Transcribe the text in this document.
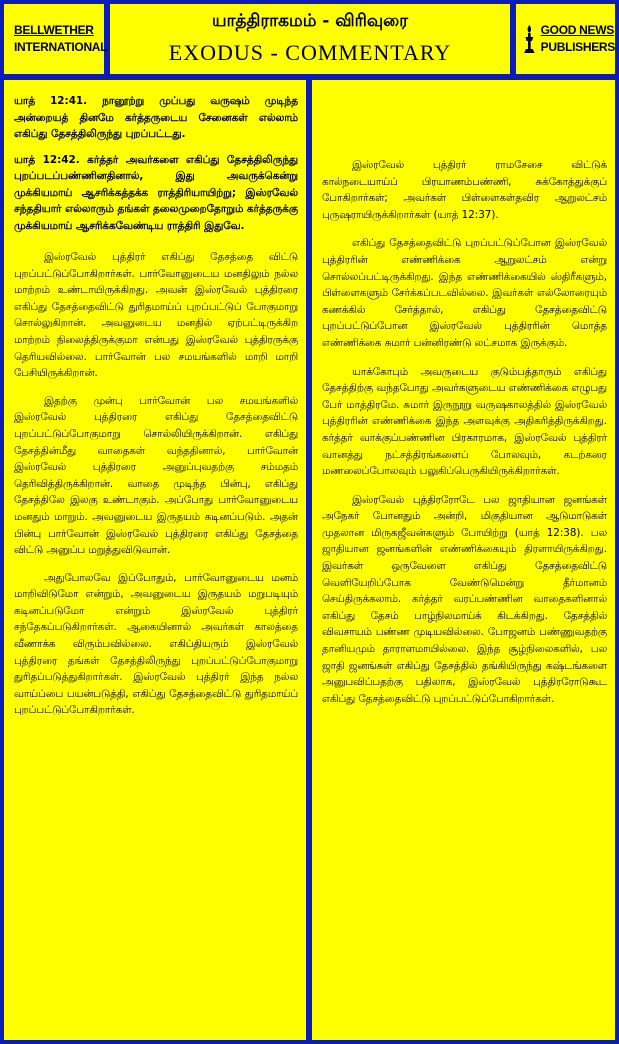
BELLWETHER
INTERNATIONAL
யாத்திராகமம் - விரிவுரை
EXODUS - COMMENTARY
GOOD NEWS
PUBLISHERS

யாத் 12:41. நானூற்று முப்பது வருஷம் முடிந்த அன்றையத் தினமே கர்த்தருடைய சேனைகள் எல்லாம் எகிப்து தேசத்திலிருந்து புறப்பட்டது.

யாத் 12:42. கர்த்தர் அவர்களை எகிப்து தேசத்திலிருந்து புறப்படப்பண்ணினதினால், இது அவருக்கென்று முக்கியமாய் ஆசரிக்கத்தக்க ராத்திரியாயிற்று; இஸ்ரவேல் சந்ததியார் எல்லாரும் தங்கள் தலைமுறைதோறும் கர்த்தருக்கு முக்கியமாய் ஆசரிக்கவேண்டிய ராத்திரி இதுவே.

இஸ்ரவேல் புத்திரர் எகிப்து தேசத்தை விட்டு புறப்பட்டுப்போகிறார்கள். பார்வோனுடைய மனதிலும் நல்ல மாற்றம் உண்டாயிருக்கிறது. அவன் இஸ்ரவேல் புத்திரரை எகிப்து தேசத்தைவிட்டு துரிதமாய்ப் புறப்பட்டுப் போகுமாறு சொல்லுகிறான். அவனுடைய மனதில் ஏற்பட்டிருக்கிற மாற்றம் நிலைத்திருக்குமா என்பது இஸ்ரவேல் புத்திரருக்கு தெரியவில்லை. பார்வோன் பல சமயங்களில் மாறி மாறி பேசியிருக்கிறான்.

இதற்கு முன்பு பார்வோன் பல சமயங்களில் இஸ்ரவேல் புத்திரரை எகிப்து தேசத்தைவிட்டு புறப்பட்டுப்போகுமாறு சொல்லியிருக்கிறான். எகிப்து தேசத்தின்மீது வாதைகள் வந்ததினால், பார்வோன் இஸ்ரவேல் புத்திரரை அனுப்புவதற்கு சம்மதம் தெரிவித்திருக்கிறான். வாதை முடிந்த பின்பு, எகிப்து தேசத்திலே இலகு உண்டாகும். அப்போது பார்வோனுடைய மனதும் மாறும். அவனுடைய இருதயம் கடினப்படும். அதன் பின்பு பார்வோன் இஸ்ரவேல் புத்திரரை எகிப்து தேசத்தை விட்டு அனுப்ப மறுத்துவிடுவான்.

அதுபோலவே இப்போதும், பார்வோனுடைய மனம் மாறிவிடுமோ என்றும், அவனுடைய இருதயம் மறுபடியும் கடினப்படுமோ என்றும் இஸ்ரவேல் புத்திரர் சந்தேகப்படுகிறார்கள். ஆகையினால் அவர்கள் காலத்தை வீணாக்க விரும்பவில்லை. எகிப்தியரும் இஸ்ரவேல் புத்திரரை தங்கள் தேசத்திலிருந்து புறப்பட்டுப்போகுமாறு துரிதப்படுத்துகிறார்கள். இஸ்ரவேல் புத்திரர் இந்த நல்ல வாய்ப்பை பயன்படுத்தி, எகிப்து தேசத்தைவிட்டு துரிதமாய்ப் புறப்பட்டுப்போகிறார்கள்.

இஸ்ரவேல் புத்திரர் ராமசேசை விட்டுக் கால்நடையாய்ப் பிரயாணம்பண்ணி, சுக்கோத்துக்குப் போகிறார்கள்; அவர்கள் பிள்ளைகள்தவிர ஆறுலட்சம் புருஷராயிருக்கிறார்கள் (யாத் 12:37).

எகிப்து தேசத்தைவிட்டு புறப்பட்டுப்போன இஸ்ரவேல் புத்திரரின் எண்ணிக்கை ஆறுலட்சம் என்று சொல்லப்பட்டிருக்கிறது. இந்த எண்ணிக்கையில் ஸ்திரீகளும், பிள்ளைகளும் சேர்க்கப்படவில்லை. இவர்கள் எல்லோரையும் கணக்கில் சேர்த்தால், எகிப்து தேசத்தைவிட்டு புறப்பட்டுப்போன இஸ்ரவேல் புத்திரரின் மொத்த எண்ணிக்கை சுமார் பன்னிரண்டு லட்சமாக இருக்கும்.

யாக்கோபும் அவருடைய குடும்பத்தாரும் எகிப்து தேசத்திற்கு வந்தபோது அவர்களுடைய எண்ணிக்கை எழுபது பேர் மாத்திரமே. சுமார் இருநூறு வருஷகாலத்தில் இஸ்ரவேல் புத்திரரின் எண்ணிக்கை இந்த அளவுக்கு அதிகரித்திருக்கிறது. கர்த்தர் வாக்குப்பண்ணின பிரகாரமாக, இஸ்ரவேல் புத்திரர் வானத்து நட்சத்திரங்களைப் போலவும், கடற்கரை மணலைப்போலவும் பலுகிப்பெருகியிருக்கிறார்கள்.

இஸ்ரவேல் புத்திரரோடே பல ஜாதியான ஜனங்கள் அநேகர் போனதும் அன்றி, மிகுதியான ஆடுமாடுகள் முதலான மிருகஜீவன்களும் போயிற்று (யாத் 12:38). பல ஜாதியான ஜனங்களின் எண்ணிக்கையும் திரளாயிருக்கிறது. இவர்கள் ஒருவேளை எகிப்து தேசத்தைவிட்டு வெளியேறிப்போக வேண்டுமென்று தீர்மானம் செய்திருக்கலாம். கர்த்தர் வரப்பண்ணின வாதைகளினால் எகிப்து தேசம் பாழ்நிலமாய்க் கிடக்கிறது. தேசத்தில் விவசாயம் பண்ண முடியவில்லை. போஜனம் பண்ணுவதற்கு தானியமும் தாராளமாயில்லை. இந்த சூழ்நிலைகளில், பல ஜாதி ஜனங்கள் எகிப்து தேசத்தில் தங்கியிருந்து கஷ்டங்களை அனுபவிப்பதற்கு பதிலாக, இஸ்ரவேல் புத்திரரோடுகூட எகிப்து தேசத்தைவிட்டு புறப்பட்டுப்போகிறார்கள்.
